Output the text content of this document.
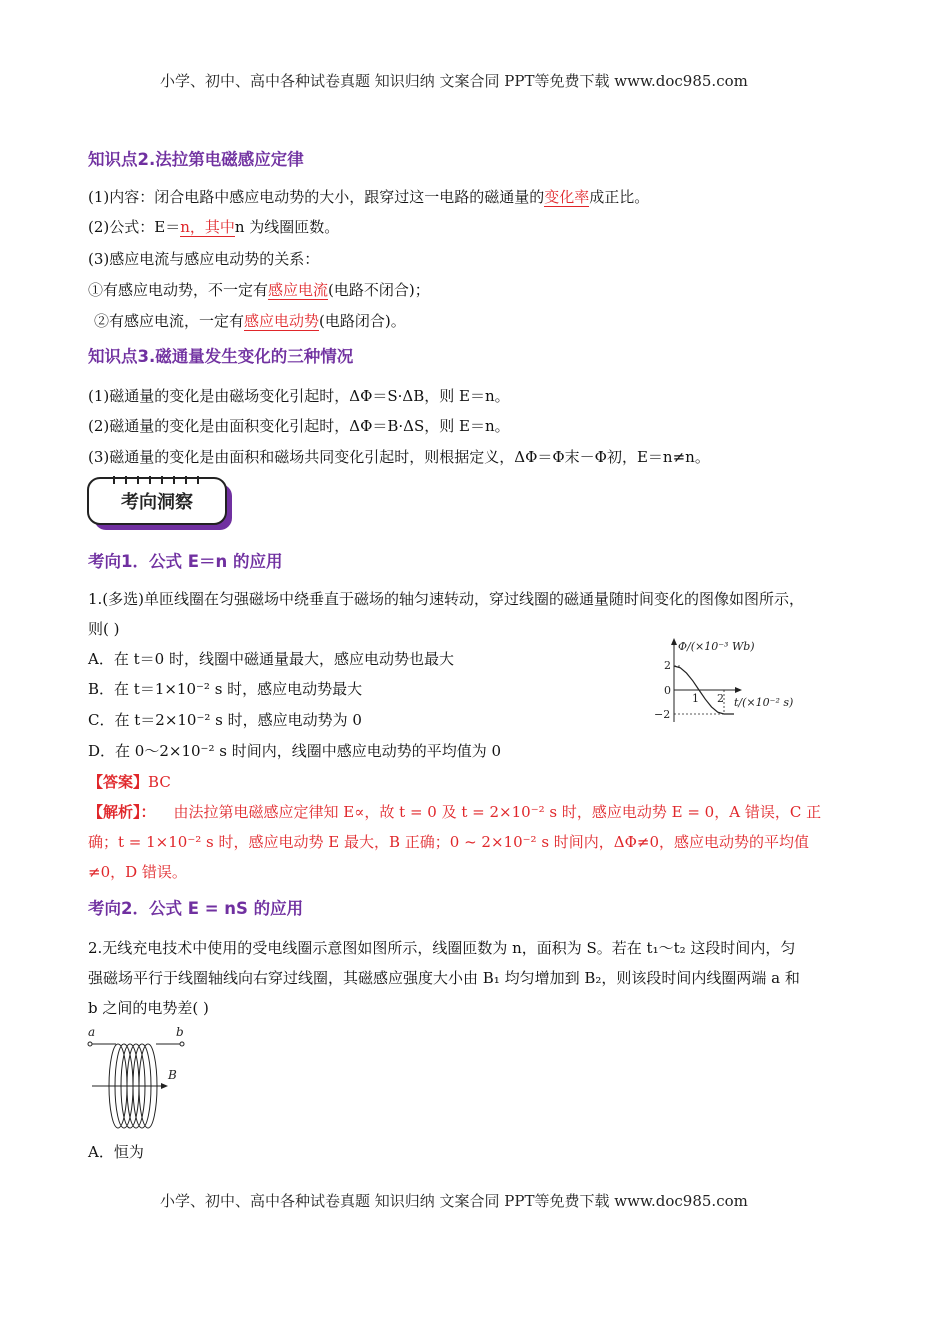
小学、初中、高中各种试卷真题 知识归纳 文案合同 PPT等免费下载 www.doc985.com
小学、初中、高中各种试卷真题 知识归纳 文案合同 PPT等免费下载 www.doc985.com
知识点2.法拉第电磁感应定律
(1)内容：闭合电路中感应电动势的大小，跟穿过这一电路的磁通量的变化率成正比。
(2)公式：E＝n，其中n 为线圈匝数。
(3)感应电流与感应电动势的关系：
①有感应电动势，不一定有感应电流(电路不闭合)；
②有感应电流，一定有感应电动势(电路闭合)。
知识点3.磁通量发生变化的三种情况
(1)磁通量的变化是由磁场变化引起时，ΔΦ＝S·ΔB，则 E＝n。
(2)磁通量的变化是由面积变化引起时，ΔΦ＝B·ΔS，则 E＝n。
(3)磁通量的变化是由面积和磁场共同变化引起时，则根据定义，ΔΦ＝Φ末－Φ初，E＝n≠n。
考向洞察
考向1．公式 E＝n 的应用
1.(多选)单匝线圈在匀强磁场中绕垂直于磁场的轴匀速转动，穿过线圈的磁通量随时间变化的图像如图所示，
则( )
A．在 t＝0 时，线圈中磁通量最大，感应电动势也最大
B．在 t＝1×10⁻² s 时，感应电动势最大
C．在 t＝2×10⁻² s 时，感应电动势为 0
D．在 0～2×10⁻² s 时间内，线圈中感应电动势的平均值为 0
Φ/(×10⁻³ Wb)
t/(×10⁻² s)
2
0
−2
1 2
【答案】BC
【解析】： 由法拉第电磁感应定律知 E∝，故 t = 0 及 t = 2×10⁻² s 时，感应电动势 E = 0，A 错误，C 正
确；t = 1×10⁻² s 时，感应电动势 E 最大，B 正确；0 ~ 2×10⁻² s 时间内，ΔΦ≠0，感应电动势的平均值
≠0，D 错误。
考向2．公式 E = nS 的应用
2.无线充电技术中使用的受电线圈示意图如图所示，线圈匝数为 n，面积为 S。若在 t₁～t₂ 这段时间内，匀
强磁场平行于线圈轴线向右穿过线圈，其磁感应强度大小由 B₁ 均匀增加到 B₂，则该段时间内线圈两端 a 和
b 之间的电势差( )
a	b
B
A．恒为
